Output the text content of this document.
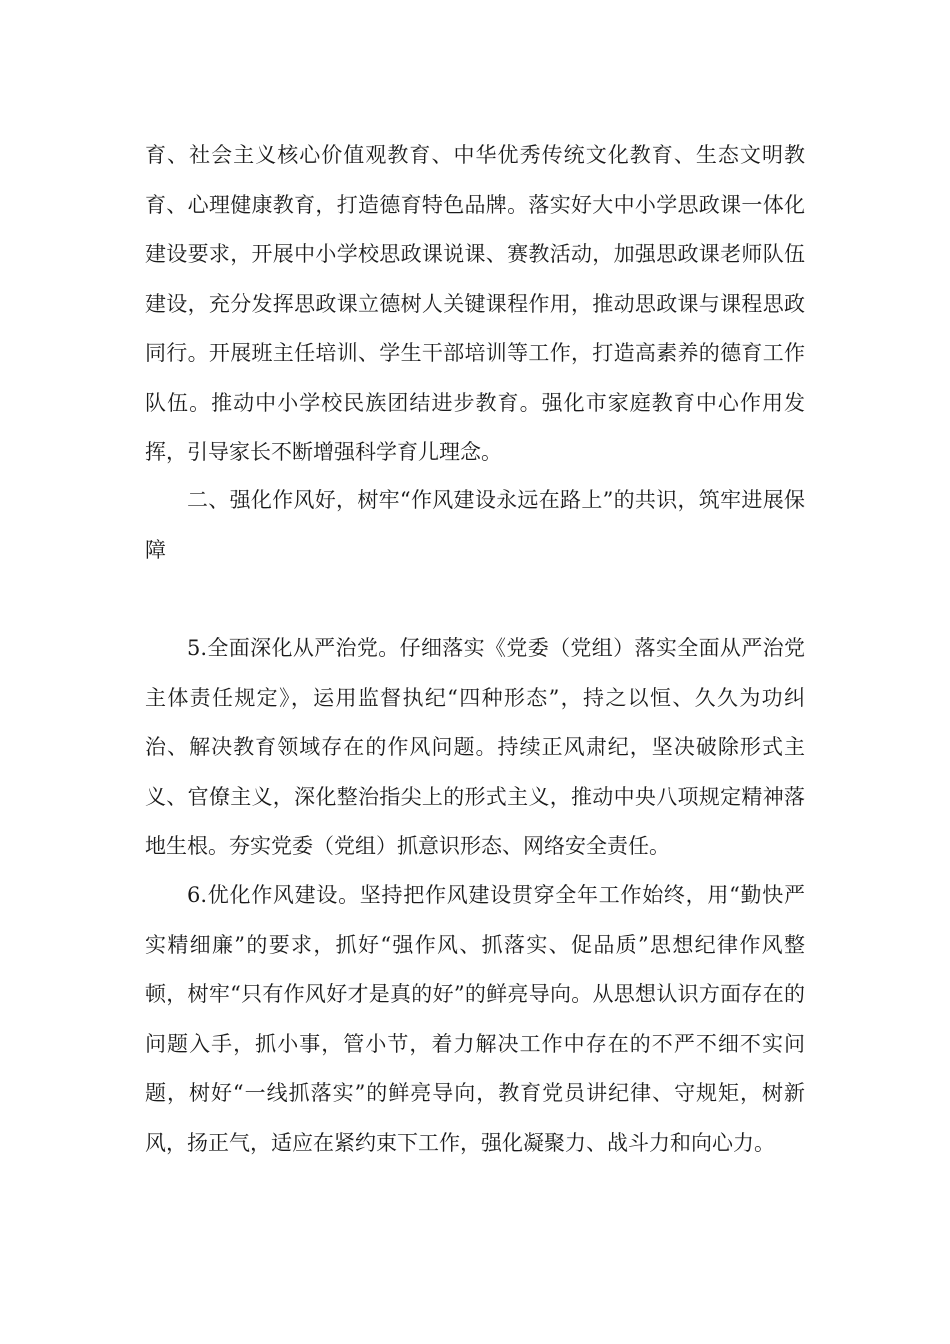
育、社会主义核心价值观教育、中华优秀传统文化教育、生态文明教育、心理健康教育，打造德育特色品牌。落实好大中小学思政课一体化建设要求，开展中小学校思政课说课、赛教活动，加强思政课老师队伍建设，充分发挥思政课立德树人关键课程作用，推动思政课与课程思政同行。开展班主任培训、学生干部培训等工作，打造高素养的德育工作队伍。推动中小学校民族团结进步教育。强化市家庭教育中心作用发挥，引导家长不断增强科学育儿理念。

二、强化作风好，树牢“作风建设永远在路上”的共识，筑牢进展保障

5.全面深化从严治党。仔细落实《党委（党组）落实全面从严治党主体责任规定》，运用监督执纪“四种形态”，持之以恒、久久为功纠治、解决教育领域存在的作风问题。持续正风肃纪，坚决破除形式主义、官僚主义，深化整治指尖上的形式主义，推动中央八项规定精神落地生根。夯实党委（党组）抓意识形态、网络安全责任。

6.优化作风建设。坚持把作风建设贯穿全年工作始终，用“勤快严实精细廉”的要求，抓好“强作风、抓落实、促品质”思想纪律作风整顿，树牢“只有作风好才是真的好”的鲜亮导向。从思想认识方面存在的问题入手，抓小事，管小节，着力解决工作中存在的不严不细不实问题，树好“一线抓落实”的鲜亮导向，教育党员讲纪律、守规矩，树新风，扬正气，适应在紧约束下工作，强化凝聚力、战斗力和向心力。
